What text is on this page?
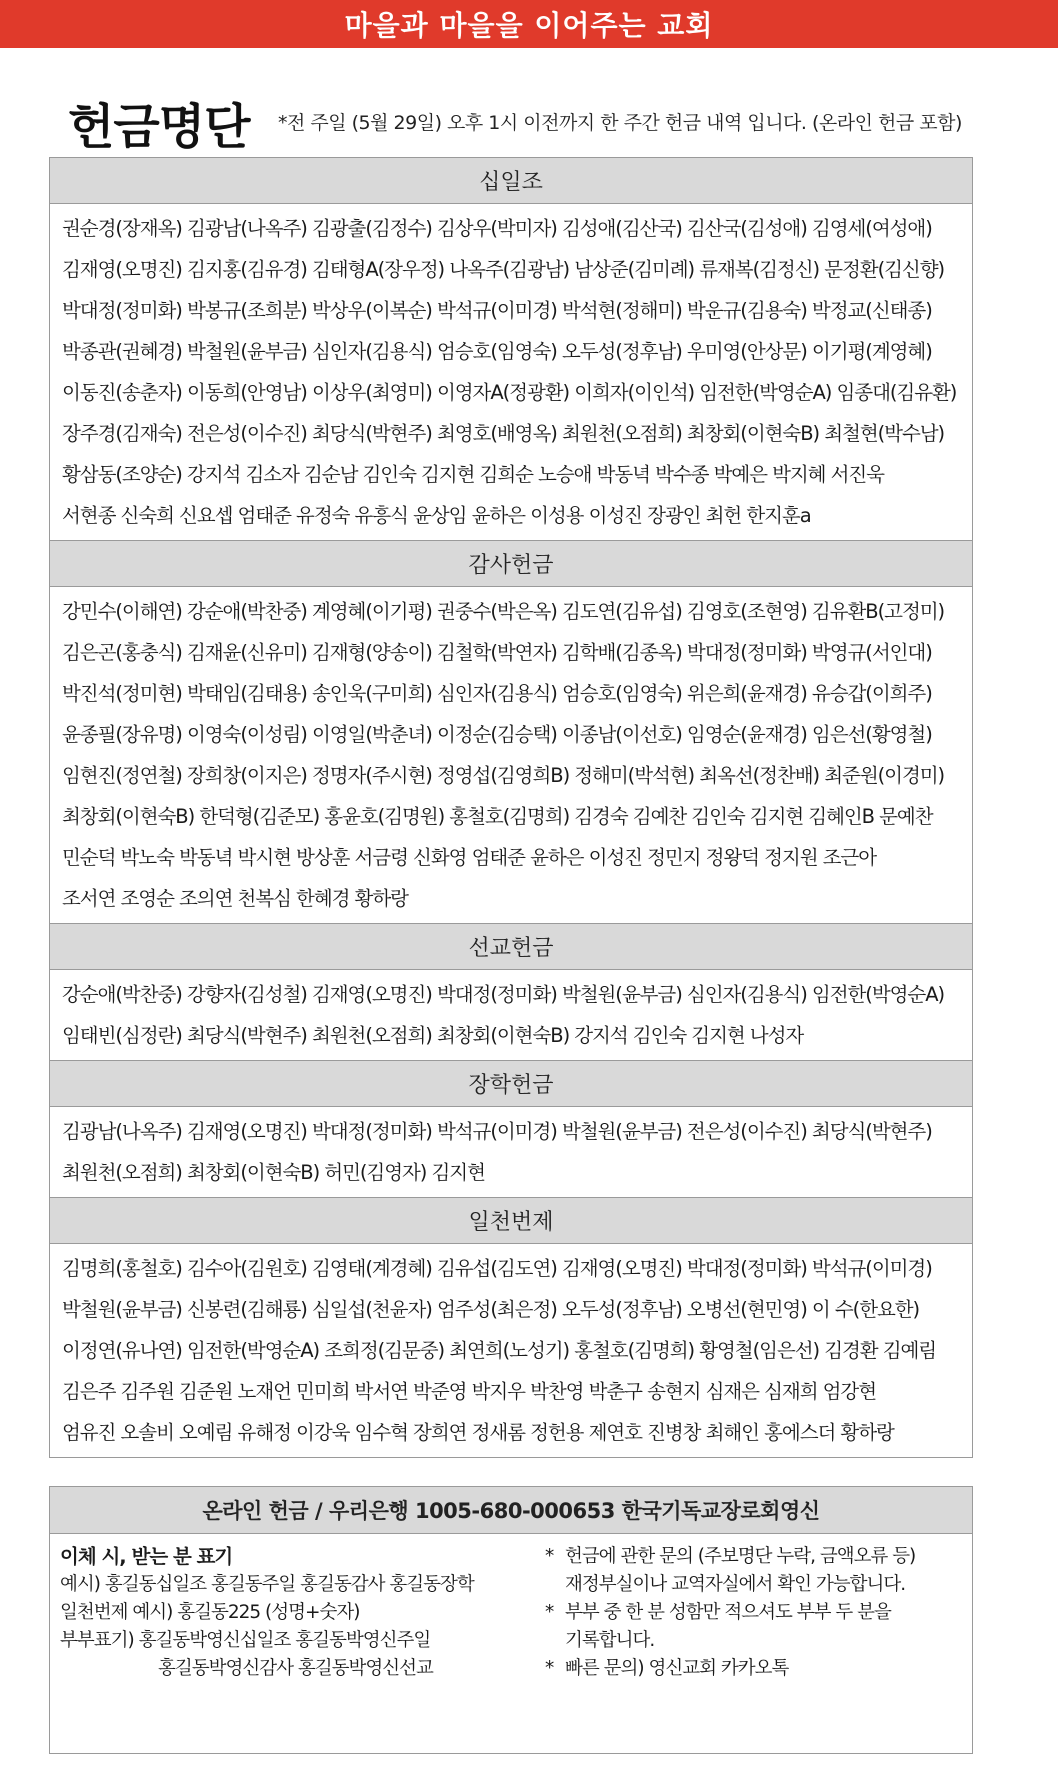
마을과 마을을 이어주는 교회
헌금명단 *전 주일 (5월 29일) 오후 1시 이전까지 한 주간 헌금 내역 입니다. (온라인 헌금 포함)
십일조
권순경(장재옥) 김광남(나옥주) 김광출(김정수) 김상우(박미자) 김성애(김산국) 김산국(김성애) 김영세(여성애)
김재영(오명진) 김지홍(김유경) 김태형A(장우정) 나옥주(김광남) 남상준(김미례) 류재복(김정신) 문정환(김신향)
박대정(정미화) 박봉규(조희분) 박상우(이복순) 박석규(이미경) 박석현(정해미) 박운규(김용숙) 박정교(신태종)
박종관(권혜경) 박철원(윤부금) 심인자(김용식) 엄승호(임영숙) 오두성(정후남) 우미영(안상문) 이기평(계영혜)
이동진(송춘자) 이동희(안영남) 이상우(최영미) 이영자A(정광환) 이희자(이인석) 임전한(박영순A) 임종대(김유환)
장주경(김재숙) 전은성(이수진) 최당식(박현주) 최영호(배영옥) 최원천(오점희) 최창회(이현숙B) 최철현(박수남)
황삼동(조양순) 강지석 김소자 김순남 김인숙 김지현 김희순 노승애 박동녁 박수종 박예은 박지혜 서진욱
서현종 신숙희 신요셉 엄태준 유정숙 유흥식 윤상임 윤하은 이성용 이성진 장광인 최헌 한지훈a
감사헌금
강민수(이해연) 강순애(박찬중) 계영혜(이기평) 권중수(박은옥) 김도연(김유섭) 김영호(조현영) 김유환B(고정미)
김은곤(홍충식) 김재윤(신유미) 김재형(양송이) 김철학(박연자) 김학배(김종옥) 박대정(정미화) 박영규(서인대)
박진석(정미현) 박태임(김태용) 송인욱(구미희) 심인자(김용식) 엄승호(임영숙) 위은희(윤재경) 유승갑(이희주)
윤종필(장유명) 이영숙(이성림) 이영일(박춘녀) 이정순(김승택) 이종남(이선호) 임영순(윤재경) 임은선(황영철)
임현진(정연철) 장희창(이지은) 정명자(주시현) 정영섭(김영희B) 정해미(박석현) 최옥선(정찬배) 최준원(이경미)
최창회(이현숙B) 한덕형(김준모) 홍윤호(김명원) 홍철호(김명희) 김경숙 김예찬 김인숙 김지현 김혜인B 문예찬
민순덕 박노숙 박동녁 박시현 방상훈 서금령 신화영 엄태준 윤하은 이성진 정민지 정왕덕 정지원 조근아
조서연 조영순 조의연 천복심 한혜경 황하랑
선교헌금
강순애(박찬중) 강향자(김성철) 김재영(오명진) 박대정(정미화) 박철원(윤부금) 심인자(김용식) 임전한(박영순A)
임태빈(심정란) 최당식(박현주) 최원천(오점희) 최창회(이현숙B) 강지석 김인숙 김지현 나성자
장학헌금
김광남(나옥주) 김재영(오명진) 박대정(정미화) 박석규(이미경) 박철원(윤부금) 전은성(이수진) 최당식(박현주)
최원천(오점희) 최창회(이현숙B) 허민(김영자) 김지현
일천번제
김명희(홍철호) 김수아(김원호) 김영태(계경혜) 김유섭(김도연) 김재영(오명진) 박대정(정미화) 박석규(이미경)
박철원(윤부금) 신봉련(김해룡) 심일섭(천윤자) 엄주성(최은정) 오두성(정후남) 오병선(현민영) 이 수(한요한)
이정연(유나연) 임전한(박영순A) 조희정(김문중) 최연희(노성기) 홍철호(김명희) 황영철(임은선) 김경환 김예림
김은주 김주원 김준원 노재언 민미희 박서연 박준영 박지우 박찬영 박춘구 송현지 심재은 심재희 엄강현
엄유진 오솔비 오예림 유해정 이강욱 임수혁 장희연 정새롬 정헌용 제연호 진병창 최해인 홍에스더 황하랑
온라인 헌금 / 우리은행 1005-680-000653 한국기독교장로회영신
이체 시, 받는 분 표기
예시) 홍길동십일조 홍길동주일 홍길동감사 홍길동장학
일천번제 예시) 홍길동225 (성명+숫자)
부부표기) 홍길동박영신십일조 홍길동박영신주일
홍길동박영신감사 홍길동박영신선교
* 헌금에 관한 문의 (주보명단 누락, 금액오류 등)
재정부실이나 교역자실에서 확인 가능합니다.
* 부부 중 한 분 성함만 적으셔도 부부 두 분을
기록합니다.
* 빠른 문의) 영신교회 카카오톡
